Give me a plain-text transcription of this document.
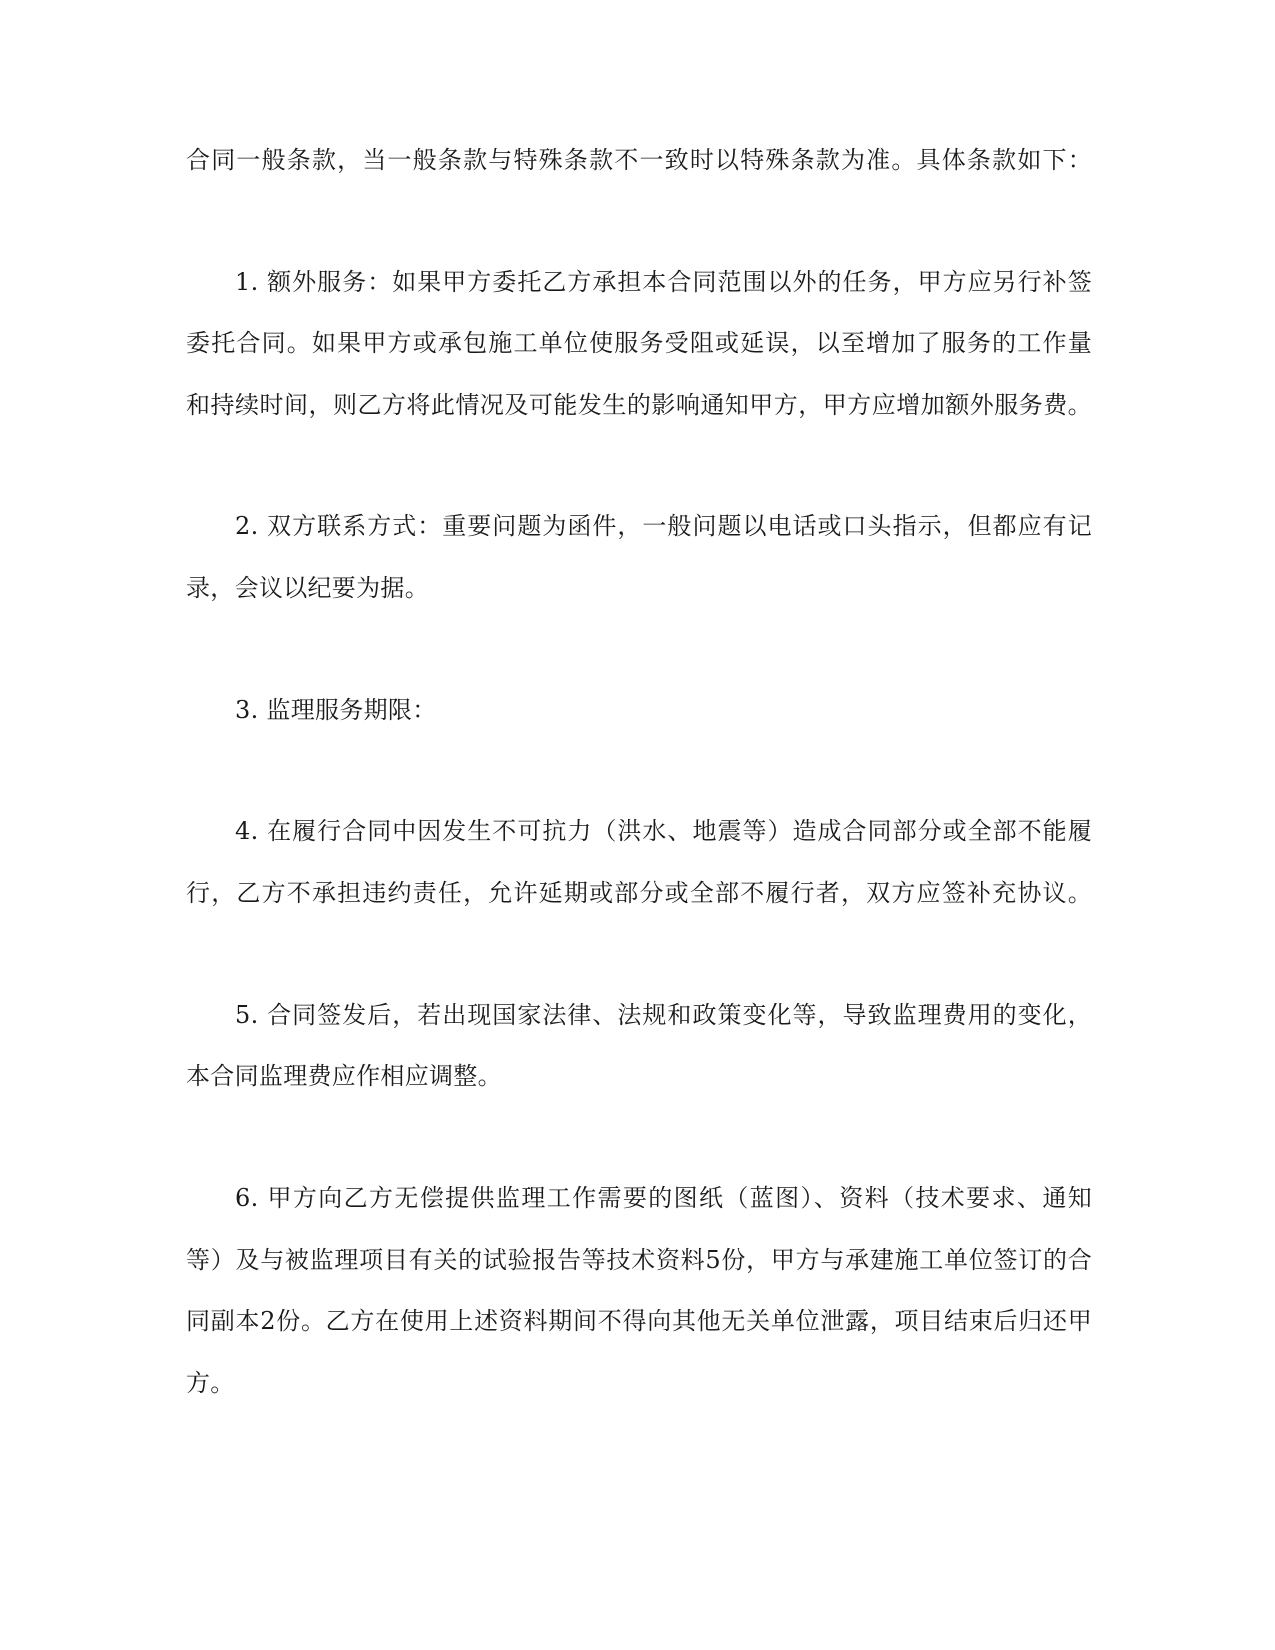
合同一般条款，当一般条款与特殊条款不一致时以特殊条款为准。具体条款如下：
1. 额外服务：如果甲方委托乙方承担本合同范围以外的任务，甲方应另行补签
委托合同。如果甲方或承包施工单位使服务受阻或延误，以至增加了服务的工作量
和持续时间，则乙方将此情况及可能发生的影响通知甲方，甲方应增加额外服务费。
2. 双方联系方式：重要问题为函件，一般问题以电话或口头指示，但都应有记
录，会议以纪要为据。
3. 监理服务期限：
4. 在履行合同中因发生不可抗力（洪水、地震等）造成合同部分或全部不能履
行，乙方不承担违约责任，允许延期或部分或全部不履行者，双方应签补充协议。
5. 合同签发后，若出现国家法律、法规和政策变化等，导致监理费用的变化，
本合同监理费应作相应调整。
6. 甲方向乙方无偿提供监理工作需要的图纸（蓝图）、资料（技术要求、通知
等）及与被监理项目有关的试验报告等技术资料5份，甲方与承建施工单位签订的合
同副本2份。乙方在使用上述资料期间不得向其他无关单位泄露，项目结束后归还甲
方。
